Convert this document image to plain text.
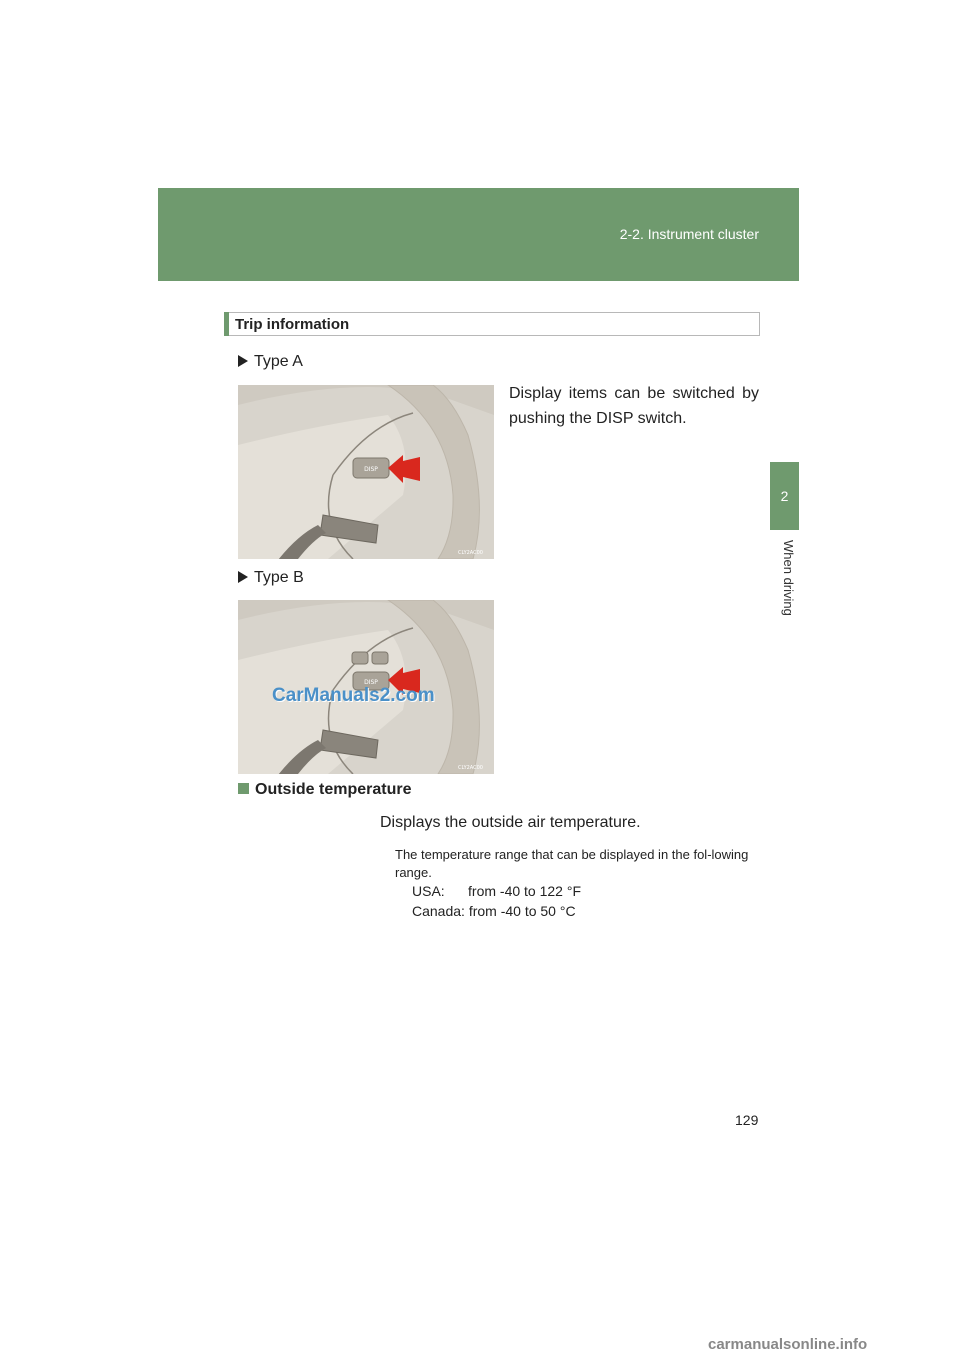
2-2. Instrument cluster
2
When driving
Trip information
Type A
Display items can be switched by pushing the DISP switch.
DISP
CLY2AC00
Type B
DISP
CLY2AC00
CarManuals2.com
Outside temperature
Displays the outside air temperature.
The temperature range that can be displayed in the fol-lowing range.
USA:      from -40 to 122 °F
Canada: from -40 to 50 °C
129
carmanualsonline.info
